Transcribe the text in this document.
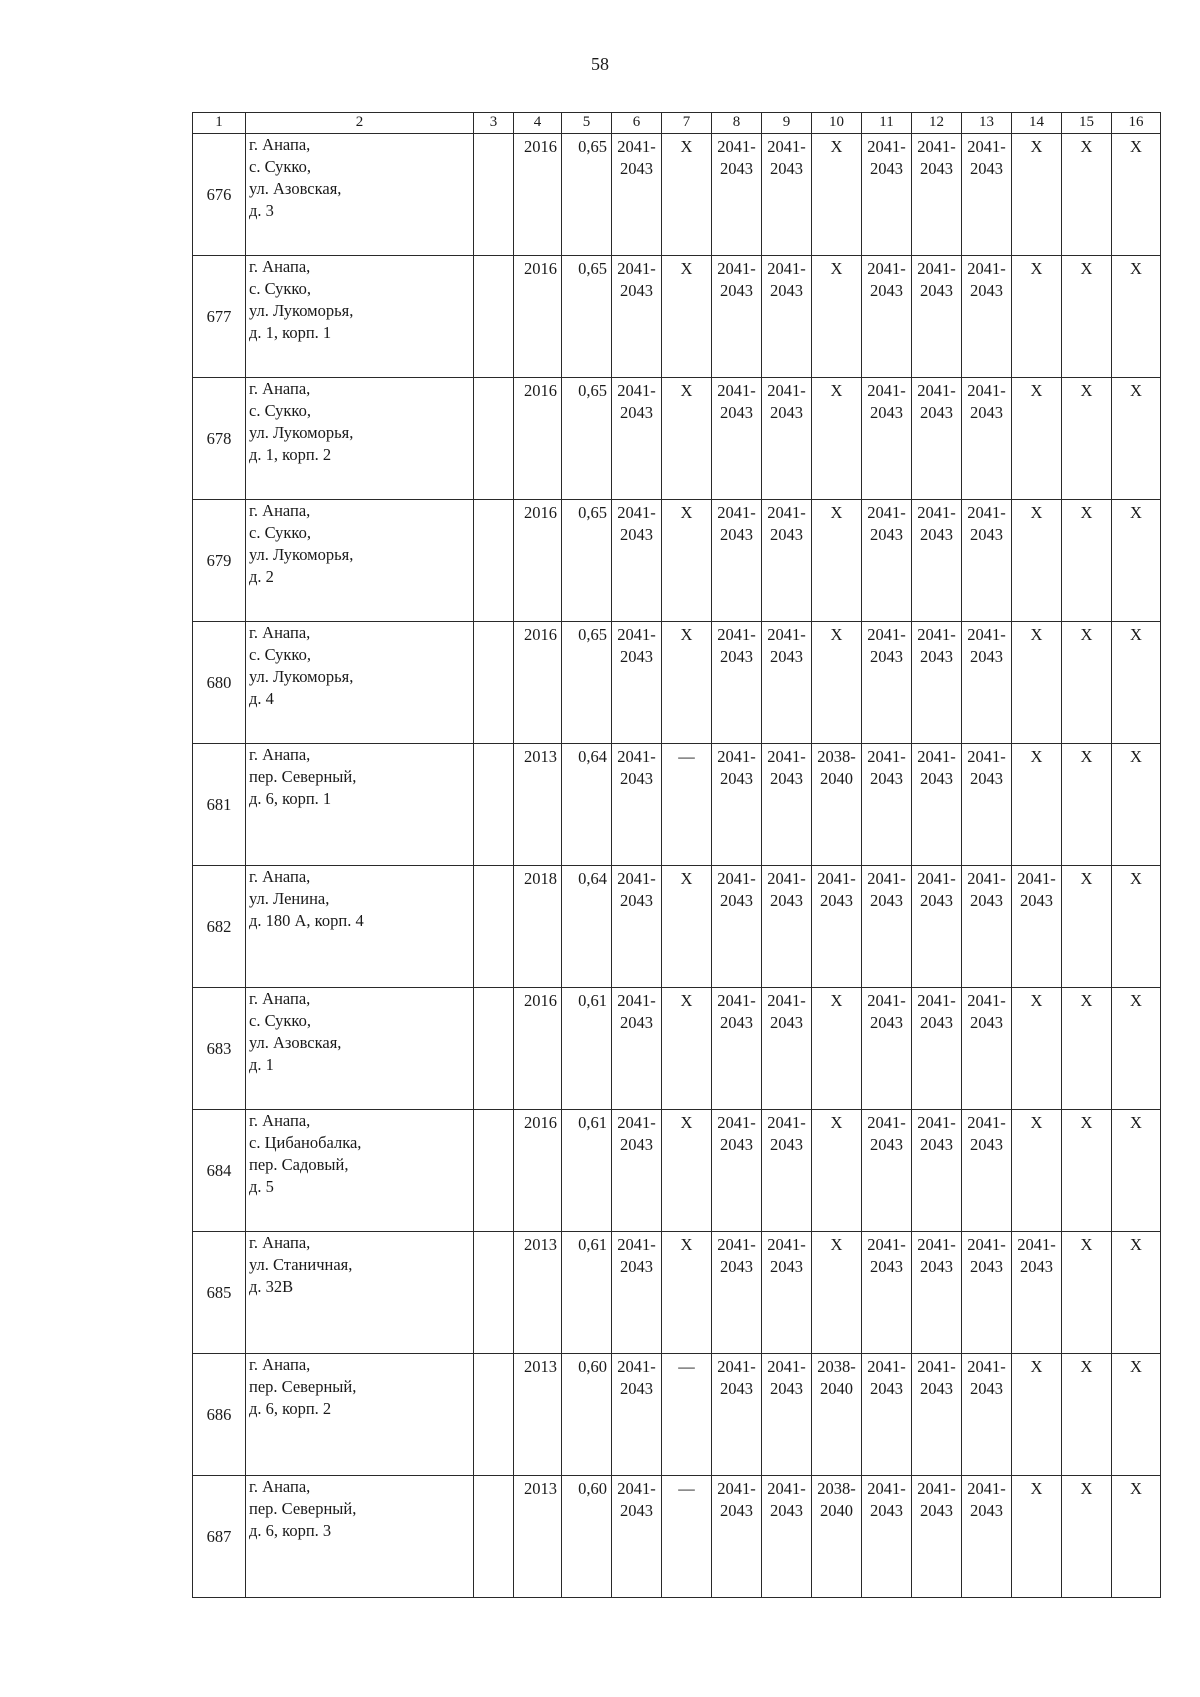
58
1	2	3	4	5	6	7	8	9	10	11	12	13	14	15	16
676	г. Анапа,
с. Сукко,
ул. Азовская,
д. 3		2016	0,65	2041-
2043	X	2041-
2043	2041-
2043	X	2041-
2043	2041-
2043	2041-
2043	X	X	X
677	г. Анапа,
с. Сукко,
ул. Лукоморья,
д. 1, корп. 1		2016	0,65	2041-
2043	X	2041-
2043	2041-
2043	X	2041-
2043	2041-
2043	2041-
2043	X	X	X
678	г. Анапа,
с. Сукко,
ул. Лукоморья,
д. 1, корп. 2		2016	0,65	2041-
2043	X	2041-
2043	2041-
2043	X	2041-
2043	2041-
2043	2041-
2043	X	X	X
679	г. Анапа,
с. Сукко,
ул. Лукоморья,
д. 2		2016	0,65	2041-
2043	X	2041-
2043	2041-
2043	X	2041-
2043	2041-
2043	2041-
2043	X	X	X
680	г. Анапа,
с. Сукко,
ул. Лукоморья,
д. 4		2016	0,65	2041-
2043	X	2041-
2043	2041-
2043	X	2041-
2043	2041-
2043	2041-
2043	X	X	X
681	г. Анапа,
пер. Северный,
д. 6, корп. 1		2013	0,64	2041-
2043	—	2041-
2043	2041-
2043	2038-
2040	2041-
2043	2041-
2043	2041-
2043	X	X	X
682	г. Анапа,
ул. Ленина,
д. 180 А, корп. 4		2018	0,64	2041-
2043	X	2041-
2043	2041-
2043	2041-
2043	2041-
2043	2041-
2043	2041-
2043	2041-
2043	X	X
683	г. Анапа,
с. Сукко,
ул. Азовская,
д. 1		2016	0,61	2041-
2043	X	2041-
2043	2041-
2043	X	2041-
2043	2041-
2043	2041-
2043	X	X	X
684	г. Анапа,
с. Цибанобалка,
пер. Садовый,
д. 5		2016	0,61	2041-
2043	X	2041-
2043	2041-
2043	X	2041-
2043	2041-
2043	2041-
2043	X	X	X
685	г. Анапа,
ул. Станичная,
д. 32В		2013	0,61	2041-
2043	X	2041-
2043	2041-
2043	X	2041-
2043	2041-
2043	2041-
2043	2041-
2043	X	X
686	г. Анапа,
пер. Северный,
д. 6, корп. 2		2013	0,60	2041-
2043	—	2041-
2043	2041-
2043	2038-
2040	2041-
2043	2041-
2043	2041-
2043	X	X	X
687	г. Анапа,
пер. Северный,
д. 6, корп. 3		2013	0,60	2041-
2043	—	2041-
2043	2041-
2043	2038-
2040	2041-
2043	2041-
2043	2041-
2043	X	X	X
